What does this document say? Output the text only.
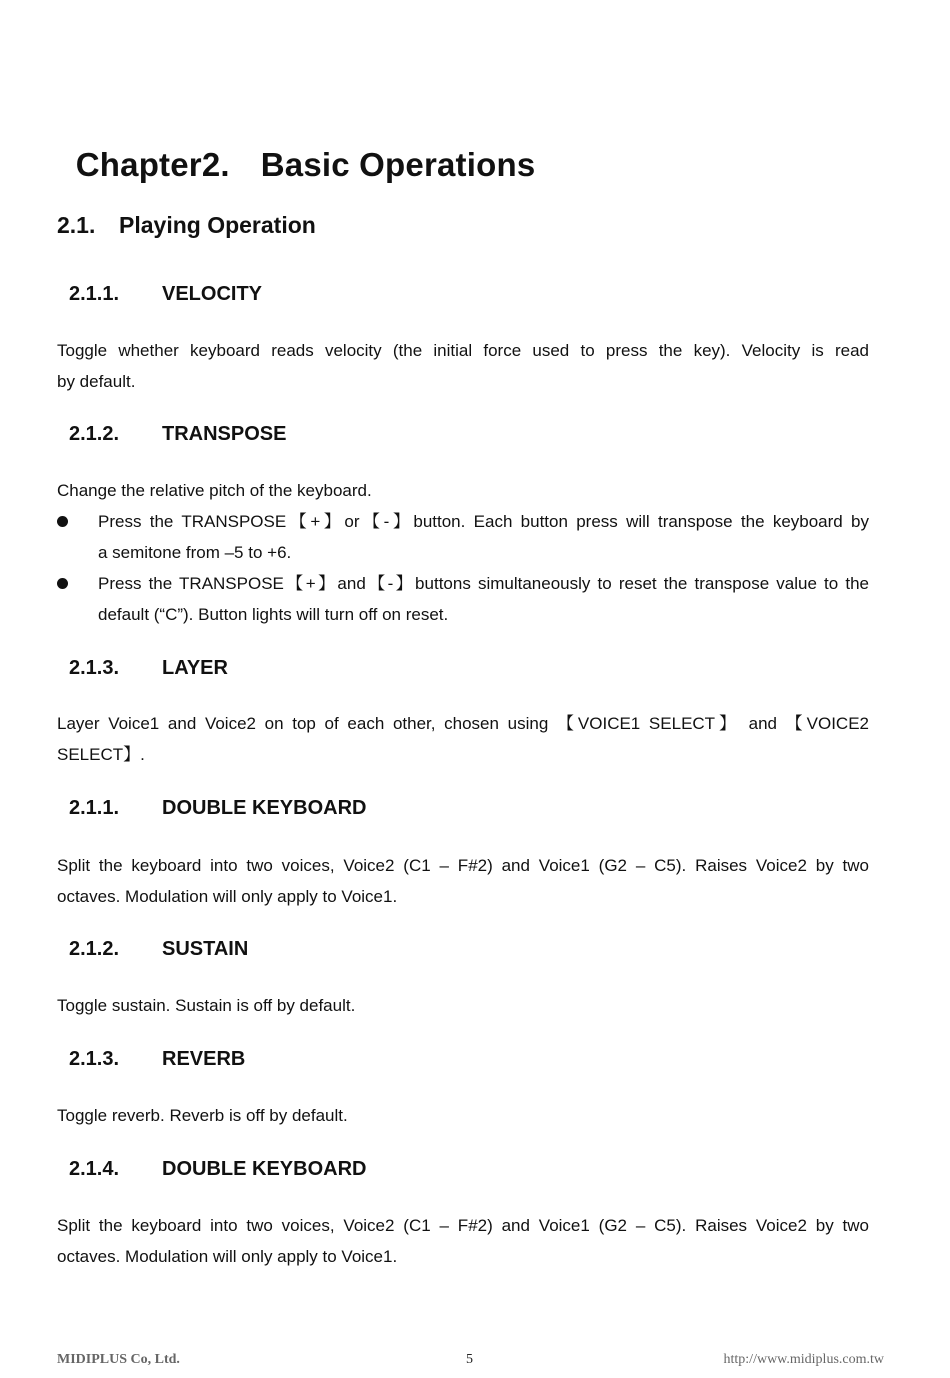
Chapter2. Basic Operations

2.1. Playing Operation
2.1.1. VELOCITY
Toggle whether keyboard reads velocity (the initial force used to press the key). Velocity is read
by default.
2.1.2. TRANSPOSE
Change the relative pitch of the keyboard.
Press the TRANSPOSE【+】or【-】button. Each button press will transpose the keyboard by
a semitone from –5 to +6.
Press the TRANSPOSE【+】and【-】buttons simultaneously to reset the transpose value to the
default (“C”). Button lights will turn off on reset.
2.1.3. LAYER
Layer Voice1 and Voice2 on top of each other, chosen using 【VOICE1 SELECT】 and 【VOICE2
SELECT】.
2.1.1. DOUBLE KEYBOARD
Split the keyboard into two voices, Voice2 (C1 – F#2) and Voice1 (G2 – C5). Raises Voice2 by two
octaves. Modulation will only apply to Voice1.
2.1.2. SUSTAIN
Toggle sustain. Sustain is off by default.
2.1.3. REVERB
Toggle reverb. Reverb is off by default.
2.1.4. DOUBLE KEYBOARD
Split the keyboard into two voices, Voice2 (C1 – F#2) and Voice1 (G2 – C5). Raises Voice2 by two
octaves. Modulation will only apply to Voice1.
MIDIPLUS Co, Ltd.	5	http://www.midiplus.com.tw
